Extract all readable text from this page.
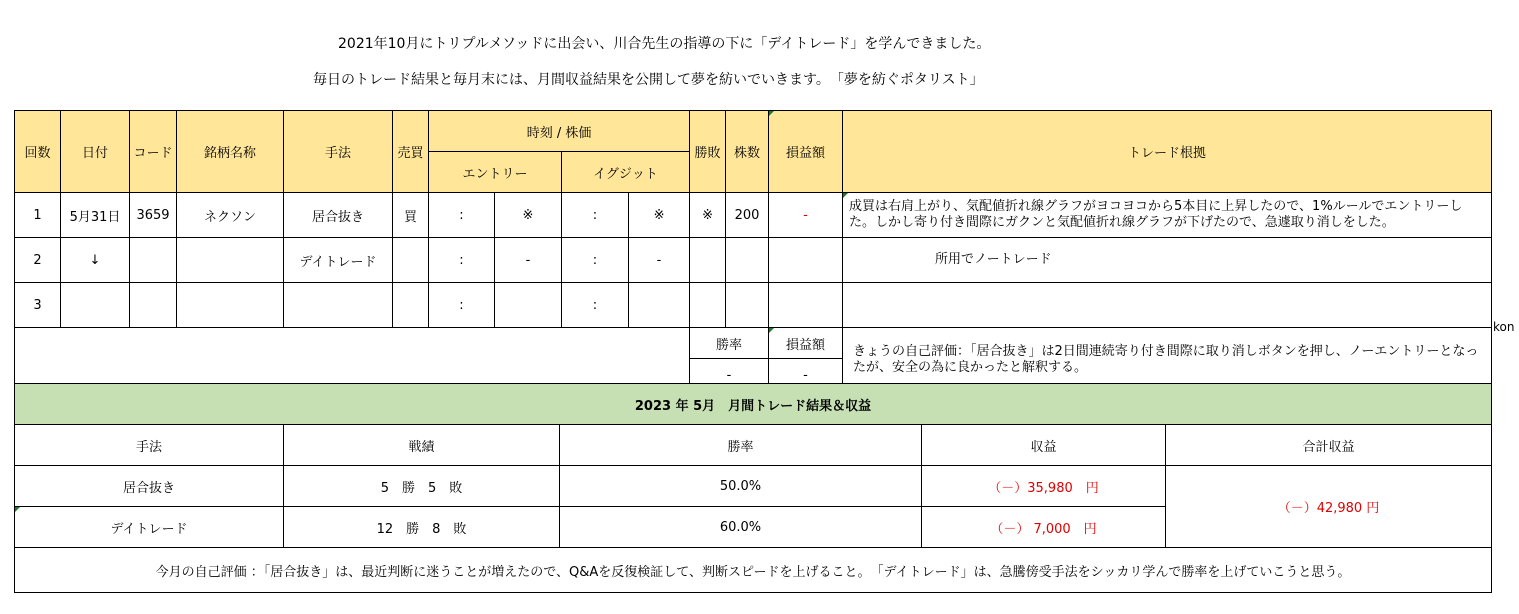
2021年10月にトリプルメソッドに出会い、川合先生の指導の下に「デイトレード」を学んできました。
毎日のトレード結果と毎月末には、月間収益結果を公開して夢を紡いでいきます。　「夢を紡ぐポタリスト」
回数	日付	コード	銘柄名称	手法	売買	時刻 / 株価				勝敗	株数	損益額	トレード根拠
						エントリー		イグジット					
1	5月31日	3659	ネクソン	居合抜き	買	:	※	:	※	※	200	-	成買は右肩上がり、気配値折れ線グラフがヨコヨコから5本目に上昇したので、1%ルールでエントリーした。しかし寄り付き間際にガクンと気配値折れ線グラフが下げたので、急遽取り消しをした。
2	↓			デイトレード		:	-	:	-				所用でノートレード
3						:		:					
										勝率		損益額	きょうの自己評価：「居合抜き」は2日間連続寄り付き間際に取り消しボタンを押し、ノーエントリーとなったが、安全の為に良かったと解釈する。
										-		-	
kon
2023 年 5月　月間トレード結果＆収益				
手法	戦績	勝率	収益	合計収益
居合抜き	5　勝　5　敗	50.0%	（－）35,980　円	（－）42,980 円
デイトレード	12　勝　8　敗	60.0%	（－） 7,000　円	
今月の自己評価 ：「居合抜き」は、最近判断に迷うことが増えたので、Q&Aを反復検証して、判断スピードを上げること。　「デイトレード」は、急騰傍受手法をシッカリ学んで勝率を上げていこうと思う。				
